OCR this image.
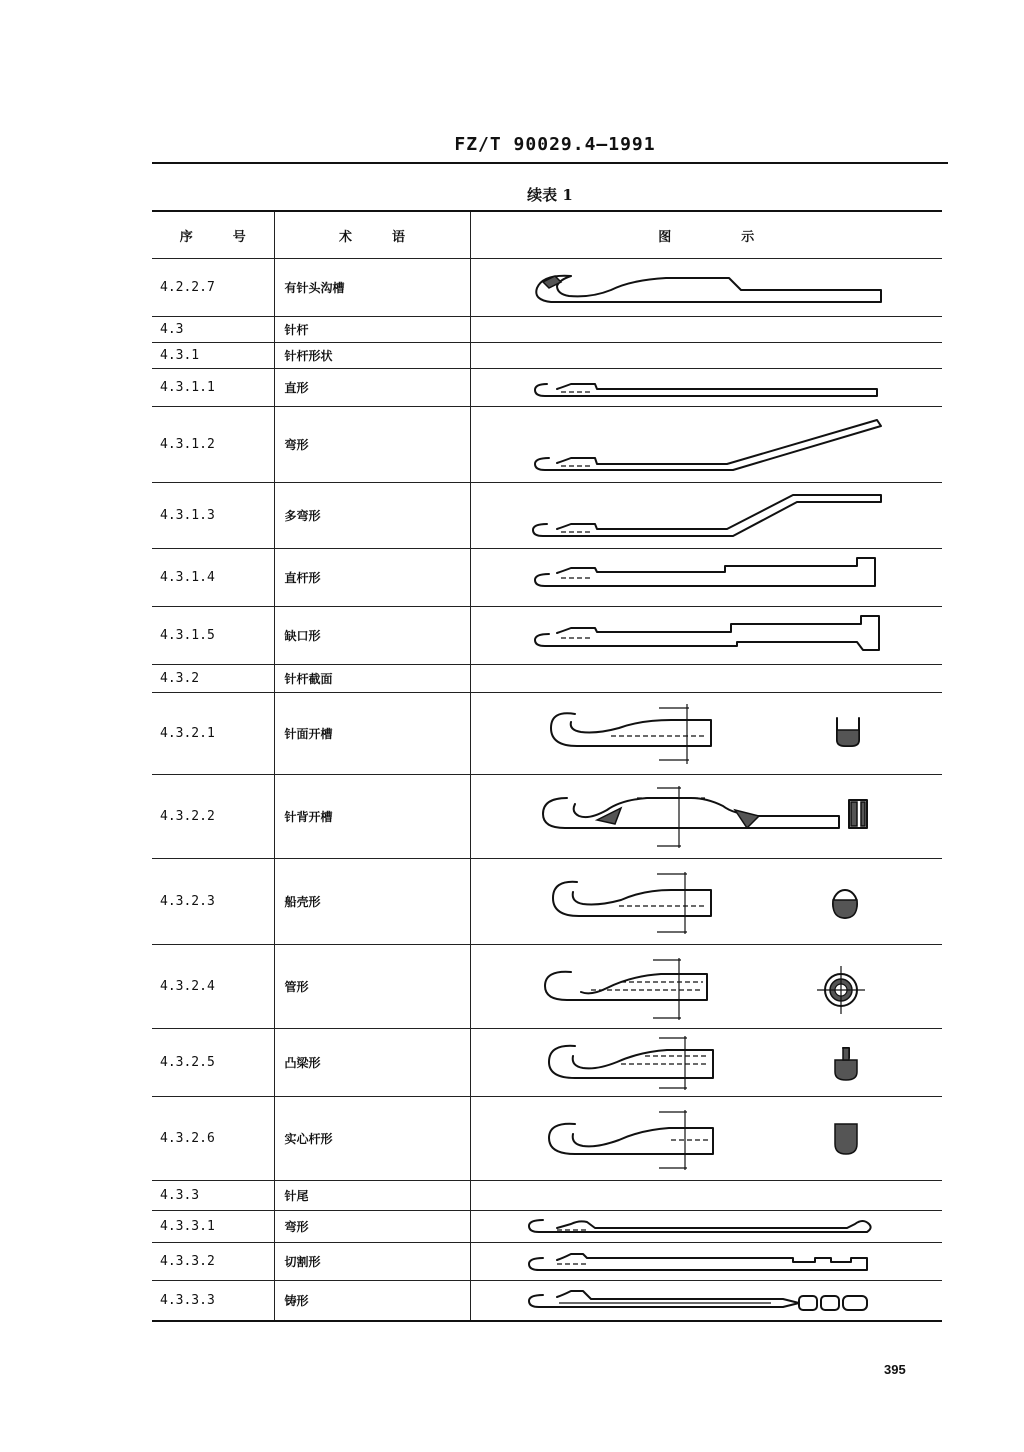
FZ/T 90029.4—1991
续表 1
序 号	术 语	图 示
4.2.2.7	有针头沟槽	

4.3	针杆	
4.3.1	针杆形状	
4.3.1.1	直形	

4.3.1.2	弯形	

4.3.1.3	多弯形	

4.3.1.4	直杆形	

4.3.1.5	缺口形	

4.3.2	针杆截面	
4.3.2.1	针面开槽	

4.3.2.2	针背开槽	

4.3.2.3	船壳形	

4.3.2.4	管形	

4.3.2.5	凸梁形	

4.3.2.6	实心杆形	

4.3.3	针尾	
4.3.3.1	弯形	

4.3.3.2	切割形	

4.3.3.3	铸形	
395
